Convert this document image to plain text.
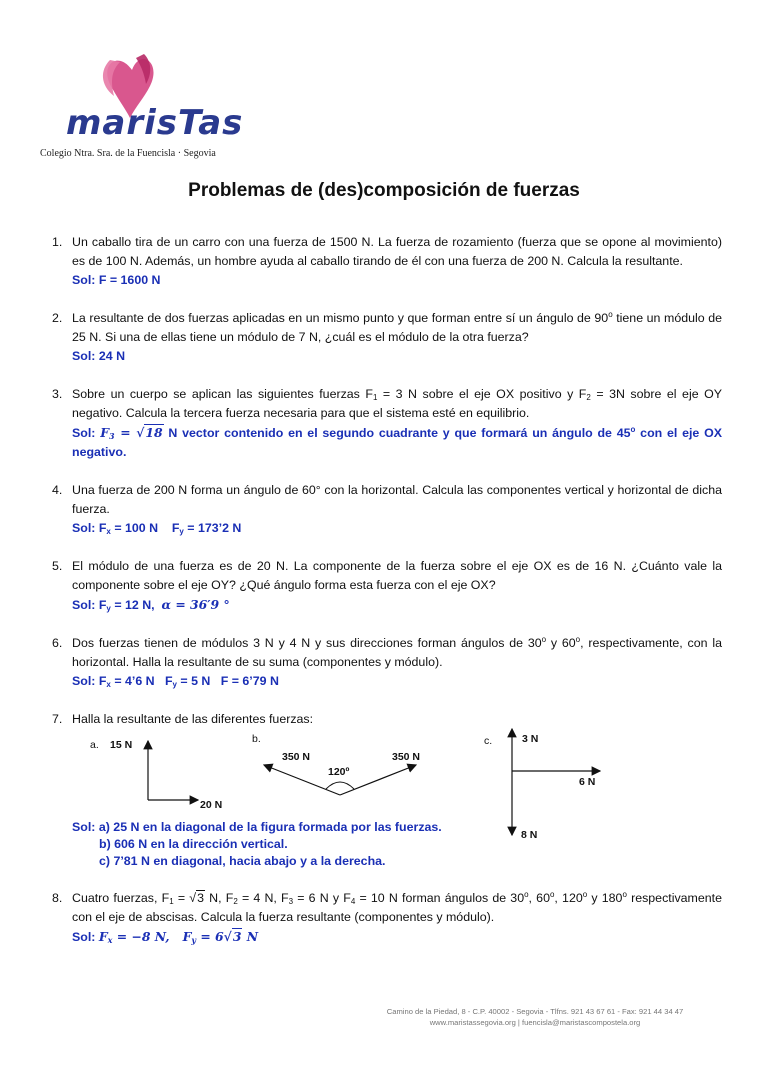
marisTas
Colegio Ntra. Sra. de la Fuencisla · Segovia
Problemas de (des)composición de fuerzas
1. Un caballo tira de un carro con una fuerza de 1500 N. La fuerza de rozamiento (fuerza que se opone al movimiento) es de 100 N. Además, un hombre ayuda al caballo tirando de él con una fuerza de 200 N. Calcula la resultante.
Sol: F = 1600 N
2. La resultante de dos fuerzas aplicadas en un mismo punto y que forman entre sí un ángulo de 90$^o$ tiene un módulo de 25 N. Si una de ellas tiene un módulo de 7 N, ¿cuál es el módulo de la otra fuerza?
Sol: 24 N
3. Sobre un cuerpo se aplican las siguientes fuerzas $F_1 = 3$ N sobre el eje OX positivo y $F_2 = 3N$ sobre el eje OY negativo. Calcula la tercera fuerza necesaria para que el sistema esté en equilibrio.
Sol: $F_3 = √18$ N vector contenido en el segundo cuadrante y que formará un ángulo de 45$^o$ con el eje OX negativo.
4. Una fuerza de 200 N forma un ángulo de 60° con la horizontal. Calcula las componentes vertical y horizontal de dicha fuerza.
Sol: $F_x = 100$ N    $F_y$ = 173’2 N
5. El módulo de una fuerza es de 20 N. La componente de la fuerza sobre el eje OX es de 16 N. ¿Cuánto vale la componente sobre el eje OY? ¿Qué ángulo forma esta fuerza con el eje OX?
Sol: $F_y = 12$ N,  α = 36′9 °
6. Dos fuerzas tienen de módulos 3 N y 4 N y sus direcciones forman ángulos de 30$^o$ y 60$^o$, respectivamente, con la horizontal. Halla la resultante de su suma (componentes y módulo).
Sol: $F_x$ = 4’6 N   $F_y = 5$ N   F = 6’79 N
7. Halla la resultante de las diferentes fuerzas:
a. 15 N
20 N
b.
350 N	350 N
120º
c.	3 N
6 N
8 N
Sol: a) 25 N en la diagonal de la figura formada por las fuerzas.
b) 606 N en la dirección vertical.
c) 7’81 N en diagonal, hacia abajo y a la derecha.
8. Cuatro fuerzas, $F_1 = √3$ N, $F_2 = 4$ N, $F_3 = 6$ N y $F_4 = 10$ N forman ángulos de 30$^o$, 60$^o$, 120$^o$ y 180$^o$ respectivamente con el eje de abscisas. Calcula la fuerza resultante (componentes y módulo).
Sol: $F_x = -8$ N, $F_y = 6√3$ N
Camino de la Piedad, 8 - C.P. 40002 - Segovia - Tlfns. 921 43 67 61 - Fax: 921 44 34 47
www.maristassegovia.org | fuencisla@maristascompostela.org
